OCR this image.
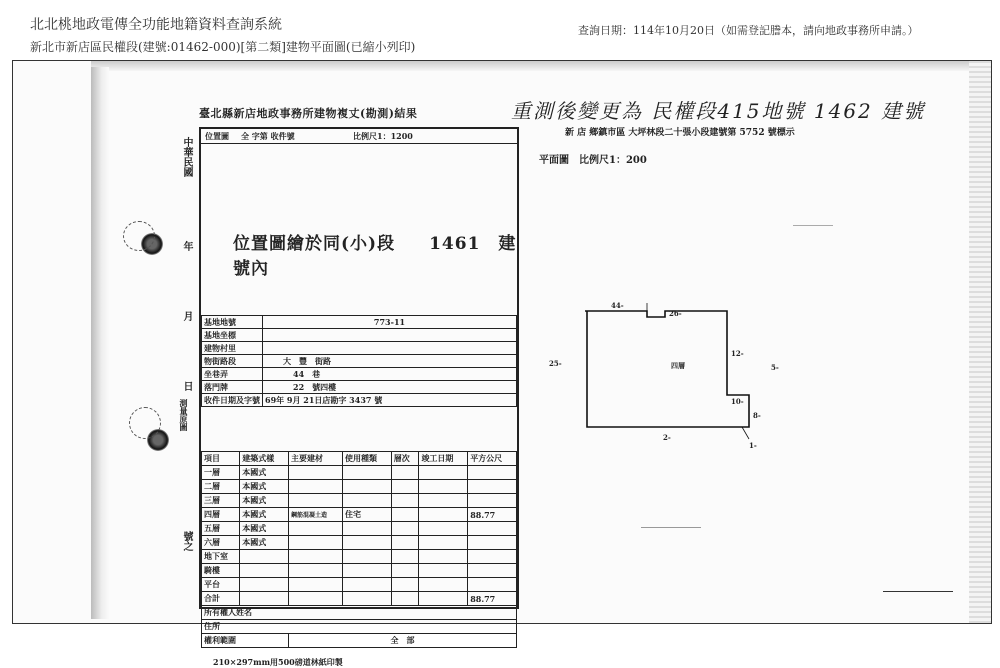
北北桃地政電傳全功能地籍資料查詢系統
新北市新店區民權段(建號:01462-000)[第二類]建物平面圖(已縮小列印)
查詢日期：114年10月20日（如需登記謄本，請向地政事務所申請。）
臺北縣新店地政事務所建物複丈(勘測)結果	重測後變更為 民權段415地號 1462 建號
新 店 鄉鎮市區 大坪林段二十張小段建號第 5752 號標示
平面圖　比例尺1：200
中華民國
年
月
日
測量原圖
號之
位置圖 全 字第 收件號	比例尺1：1200
位置圖繪於同(小)段 1461 建號內
基地地號	773-11
基地坐標	
建物村里	
物街路段	大　豐　街路
坐巷弄	44　巷
落門牌	22　號四樓
收件日期及字號	69年 9月 21日店勘字 3437 號
項目	建築式樣	主要建材	使用種類	層次	竣工日期	平方公尺
一層	本國式					
二層	本國式					
三層	本國式					
四層	本國式	鋼筋混凝土造	住宅			88.77
五層	本國式					
六層	本國式					
地下室						
騎樓						
平台						
合計						88.77
所有權人姓名						
住所						
權利範圍		全　部				
210×297mm用500磅道林紙印製
四層
44-
26-
25-
12-
10-
8-
2-
1-
5-
